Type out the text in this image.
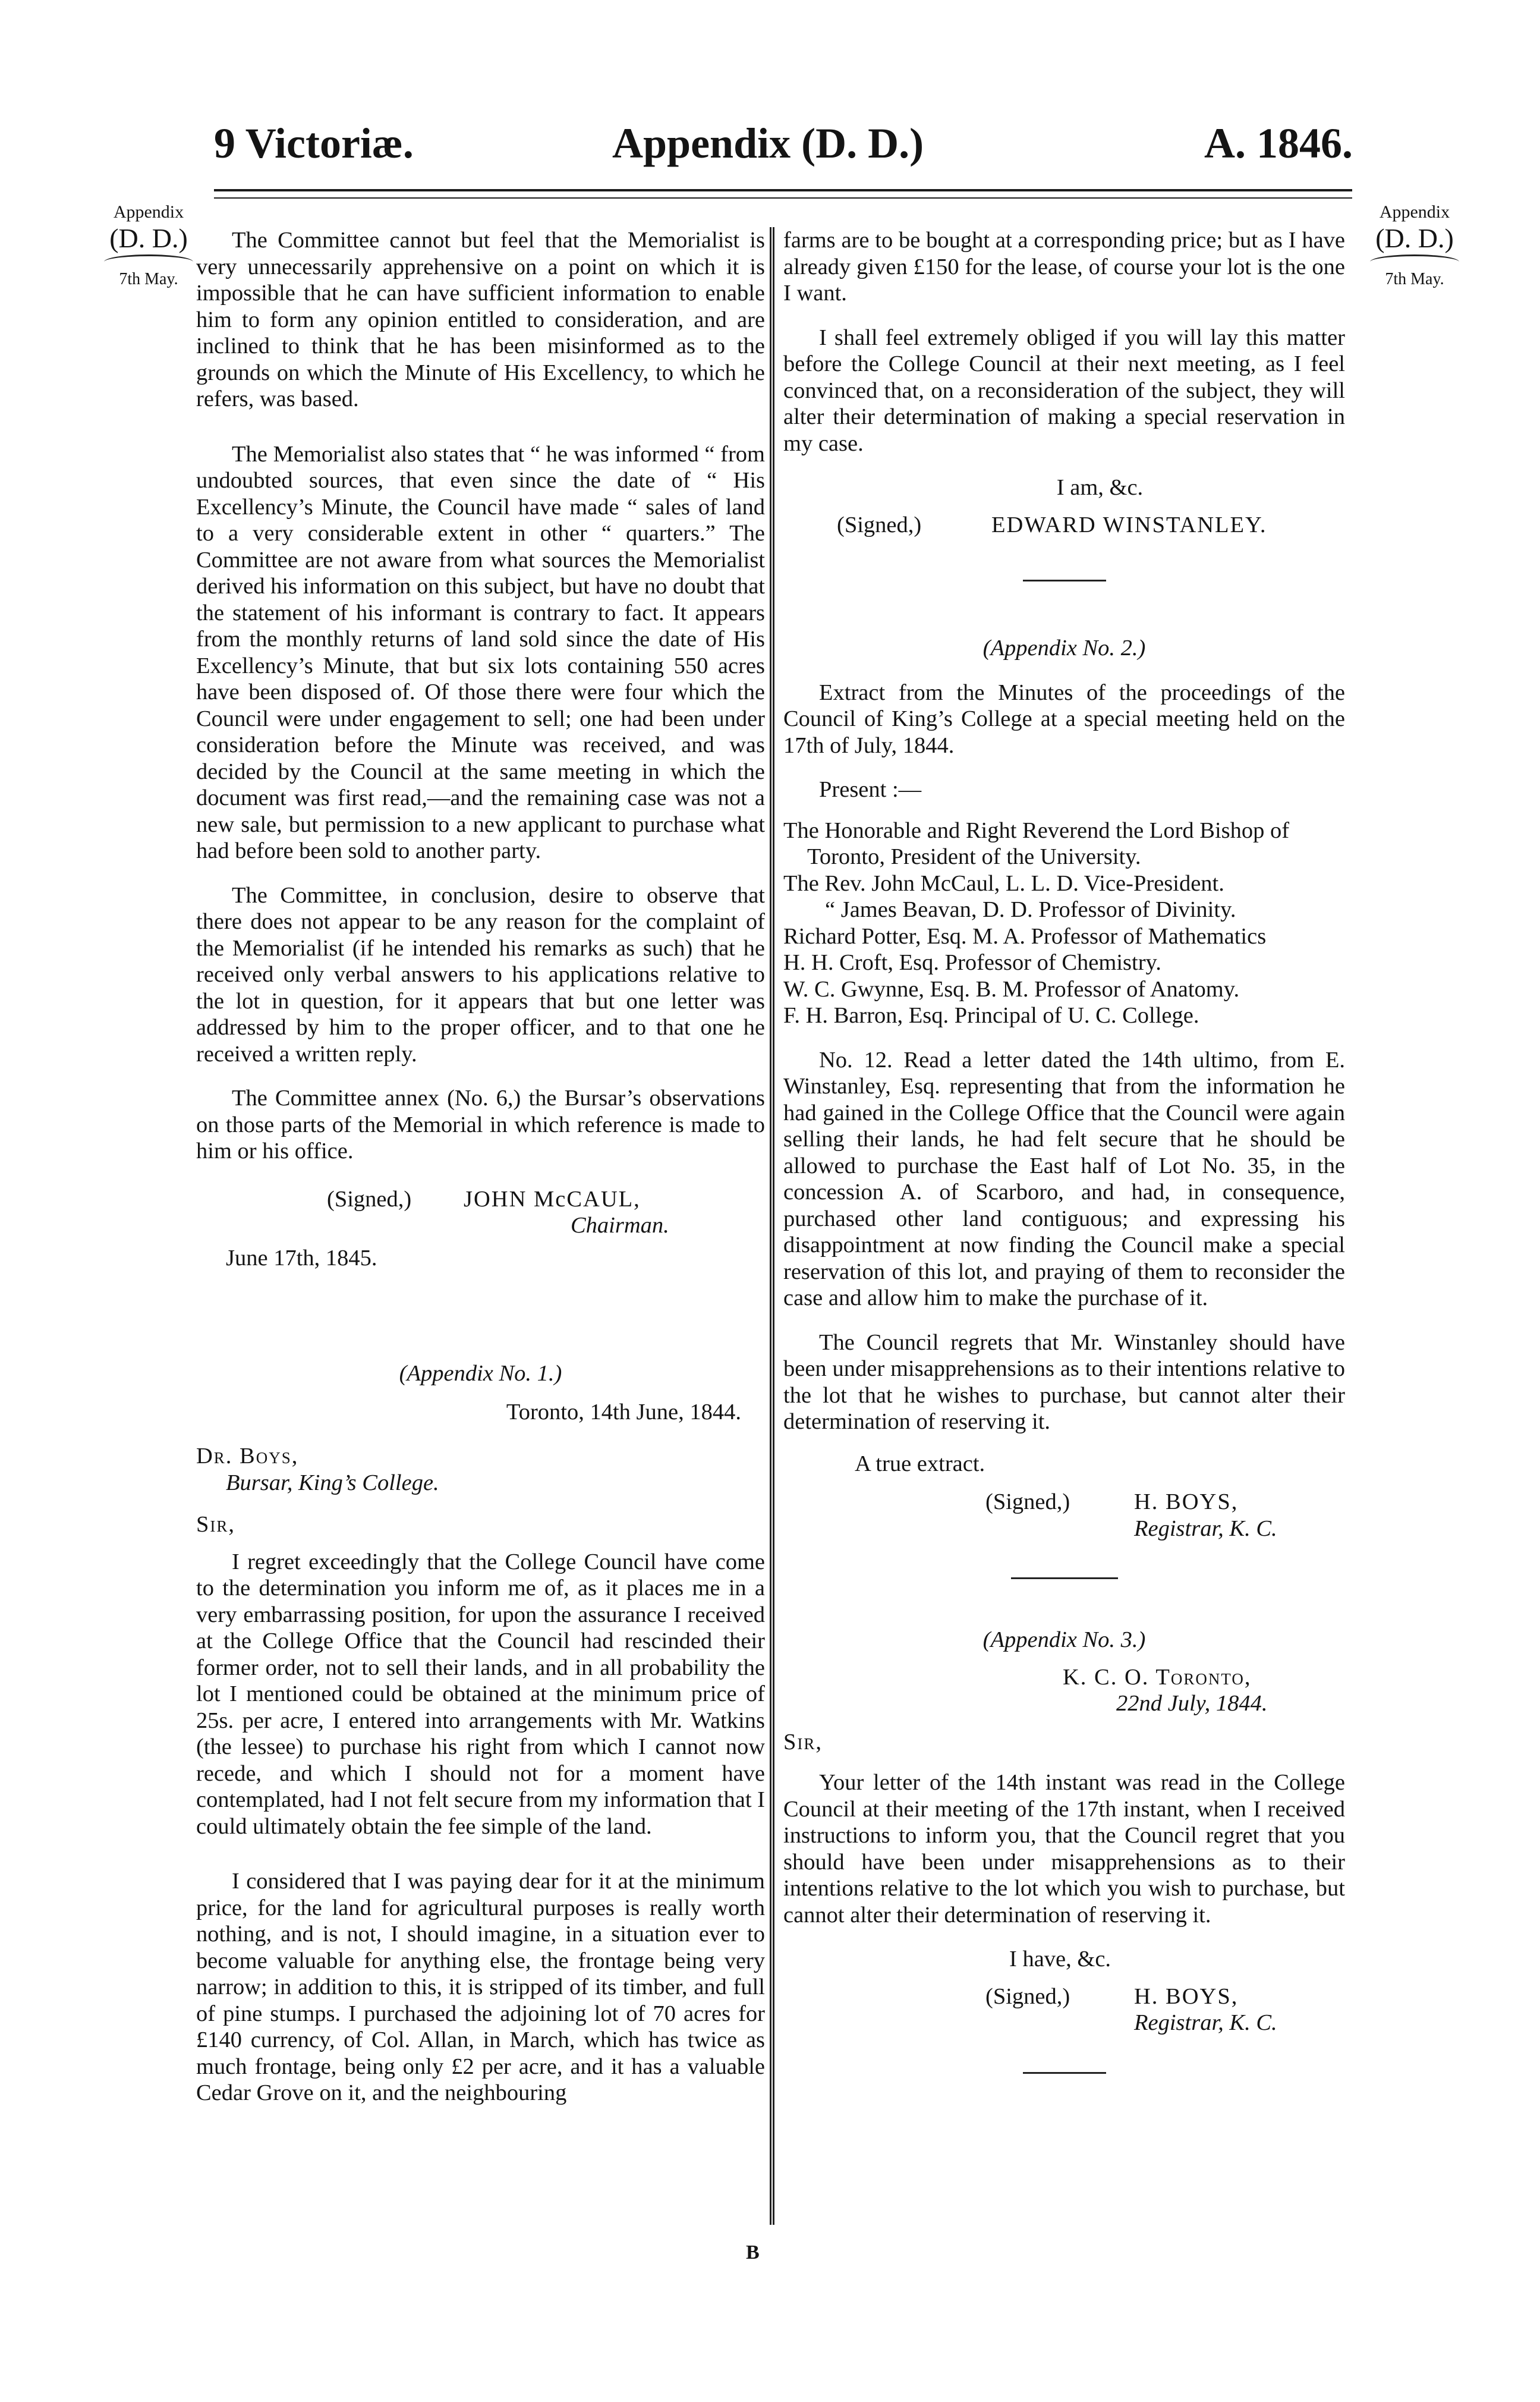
9 Victoriæ.	Appendix (D. D.)	A. 1846.
Appendix
(D. D.)
7th May.
Appendix
(D. D.)
7th May.

The Committee cannot but feel that the Memorialist is very unnecessarily apprehensive on a point on which it is impossible that he can have sufficient information to enable him to form any opinion entitled to consideration, and are inclined to think that he has been misinformed as to the grounds on which the Minute of His Excellency, to which he refers, was based.

The Memorialist also states that “ he was informed “ from undoubted sources, that even since the date of “ His Excellency’s Minute, the Council have made “ sales of land to a very considerable extent in other “ quarters.” The Committee are not aware from what sources the Memorialist derived his information on this subject, but have no doubt that the statement of his informant is contrary to fact. It appears from the monthly returns of land sold since the date of His Excellency’s Minute, that but six lots containing 550 acres have been disposed of. Of those there were four which the Council were under engagement to sell; one had been under consideration before the Minute was received, and was decided by the Council at the same meeting in which the document was first read,—and the remaining case was not a new sale, but permission to a new applicant to purchase what had before been sold to another party.

The Committee, in conclusion, desire to observe that there does not appear to be any reason for the complaint of the Memorialist (if he intended his remarks as such) that he received only verbal answers to his applications relative to the lot in question, for it appears that but one letter was addressed by him to the proper officer, and to that one he received a written reply.

The Committee annex (No. 6,) the Bursar’s observations on those parts of the Memorial in which reference is made to him or his office.

(Signed,)	JOHN McCAUL,
Chairman.

June 17th, 1845.

(Appendix No. 1.)

Toronto, 14th June, 1844.

Dr. Boys,

Bursar, King’s College.

Sir,

I regret exceedingly that the College Council have come to the determination you inform me of, as it places me in a very embarrassing position, for upon the assurance I received at the College Office that the Council had rescinded their former order, not to sell their lands, and in all probability the lot I mentioned could be obtained at the minimum price of 25s. per acre, I entered into arrangements with Mr. Watkins (the lessee) to purchase his right from which I cannot now recede, and which I should not for a moment have contemplated, had I not felt secure from my information that I could ultimately obtain the fee simple of the land.

I considered that I was paying dear for it at the minimum price, for the land for agricultural purposes is really worth nothing, and is not, I should imagine, in a situation ever to become valuable for anything else, the frontage being very narrow; in addition to this, it is stripped of its timber, and full of pine stumps. I purchased the adjoining lot of 70 acres for £140 currency, of Col. Allan, in March, which has twice as much frontage, being only £2 per acre, and it has a valuable Cedar Grove on it, and the neighbouring

farms are to be bought at a corresponding price; but as I have already given £150 for the lease, of course your lot is the one I want.

I shall feel extremely obliged if you will lay this matter before the College Council at their next meeting, as I feel convinced that, on a reconsideration of the subject, they will alter their determination of making a special reservation in my case.

I am, &c.

(Signed,)	EDWARD WINSTANLEY.

(Appendix No. 2.)

Extract from the Minutes of the proceedings of the Council of King’s College at a special meeting held on the 17th of July, 1844.

Present :—

The Honorable and Right Reverend the Lord Bishop of Toronto, President of the University.

The Rev. John McCaul, L. L. D. Vice-President.

“ James Beavan, D. D. Professor of Divinity.

Richard Potter, Esq. M. A. Professor of Mathematics

H. H. Croft, Esq. Professor of Chemistry.

W. C. Gwynne, Esq. B. M. Professor of Anatomy.

F. H. Barron, Esq. Principal of U. C. College.

No. 12. Read a letter dated the 14th ultimo, from E. Winstanley, Esq. representing that from the information he had gained in the College Office that the Council were again selling their lands, he had felt secure that he should be allowed to purchase the East half of Lot No. 35, in the concession A. of Scarboro, and had, in consequence, purchased other land contiguous; and expressing his disappointment at now finding the Council make a special reservation of this lot, and praying of them to reconsider the case and allow him to make the purchase of it.

The Council regrets that Mr. Winstanley should have been under misapprehensions as to their intentions relative to the lot that he wishes to purchase, but cannot alter their determination of reserving it.

A true extract.

(Signed,)	H. BOYS,
Registrar, K. C.

(Appendix No. 3.)

K. C. O. Toronto,

22nd July, 1844.

Sir,

Your letter of the 14th instant was read in the College Council at their meeting of the 17th instant, when I received instructions to inform you, that the Council regret that you should have been under misapprehensions as to their intentions relative to the lot which you wish to purchase, but cannot alter their determination of reserving it.

I have, &c.

(Signed,)	H. BOYS,
Registrar, K. C.
B
